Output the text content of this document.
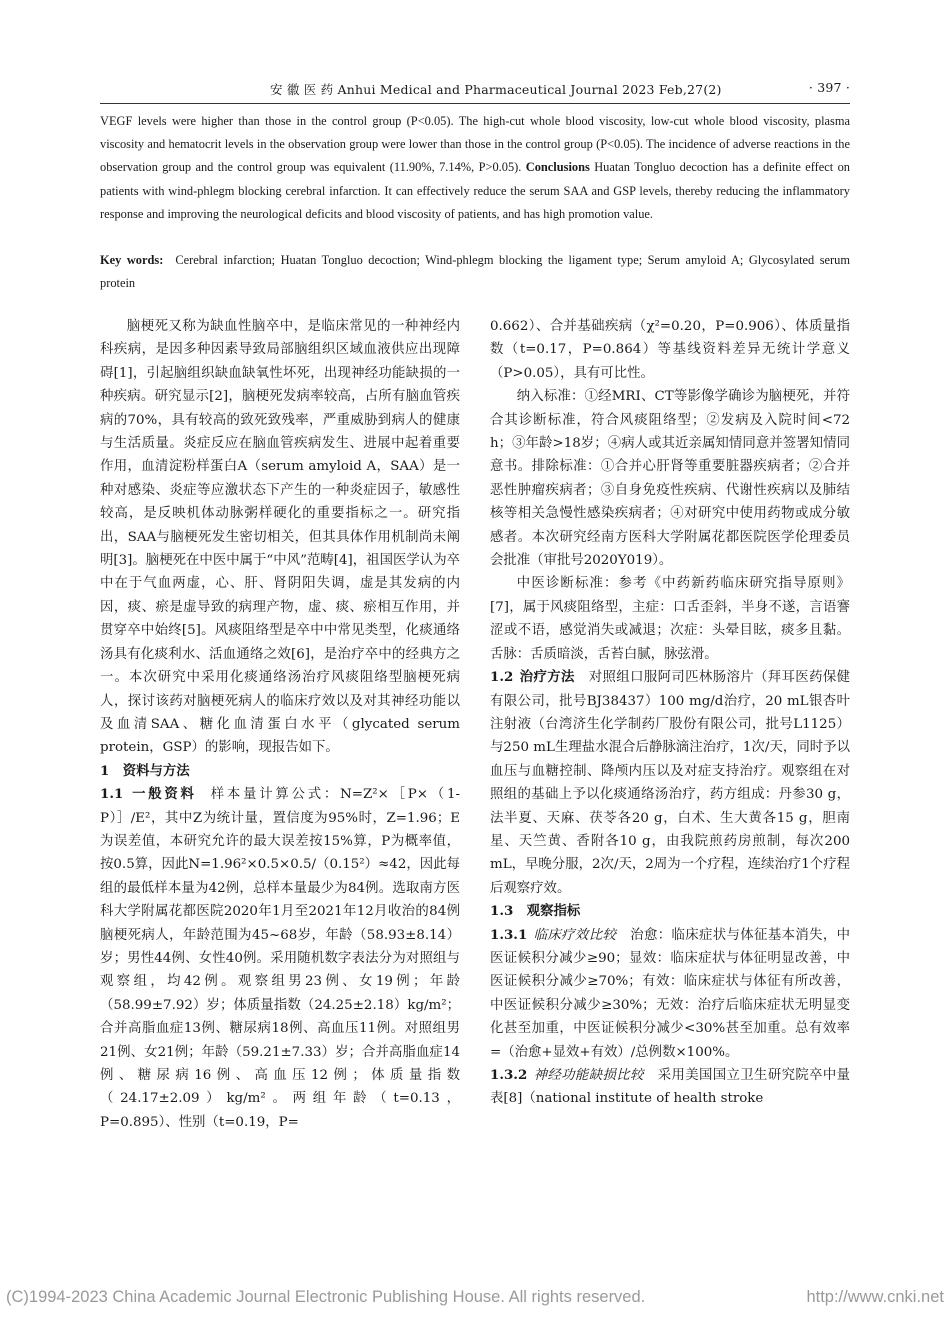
安 徽 医 药 Anhui Medical and Pharmaceutical Journal 2023 Feb,27(2)	· 397 ·

VEGF levels were higher than those in the control group (P<0.05). The high-cut whole blood viscosity, low-cut whole blood viscosity, plasma viscosity and hematocrit levels in the observation group were lower than those in the control group (P<0.05). The incidence of adverse reactions in the observation group and the control group was equivalent (11.90%, 7.14%, P>0.05). Conclusions Huatan Tongluo decoction has a definite effect on patients with wind-phlegm blocking cerebral infarction. It can effectively reduce the serum SAA and GSP levels, thereby reducing the inflammatory response and improving the neurological deficits and blood viscosity of patients, and has high promotion value.

Key words: Cerebral infarction; Huatan Tongluo decoction; Wind-phlegm blocking the ligament type; Serum amyloid A; Glycosylated serum protein

脑梗死又称为缺血性脑卒中，是临床常见的一种神经内科疾病，是因多种因素导致局部脑组织区域血液供应出现障碍[1]，引起脑组织缺血缺氧性坏死，出现神经功能缺损的一种疾病。研究显示[2]，脑梗死发病率较高，占所有脑血管疾病的70%，具有较高的致死致残率，严重威胁到病人的健康与生活质量。炎症反应在脑血管疾病发生、进展中起着重要作用，血清淀粉样蛋白A（serum amyloid A，SAA）是一种对感染、炎症等应激状态下产生的一种炎症因子，敏感性较高，是反映机体动脉粥样硬化的重要指标之一。研究指出，SAA与脑梗死发生密切相关，但其具体作用机制尚未阐明[3]。脑梗死在中医中属于“中风”范畴[4]，祖国医学认为卒中在于气血两虚，心、肝、肾阴阳失调，虚是其发病的内因，痰、瘀是虚导致的病理产物，虚、痰、瘀相互作用，并贯穿卒中始终[5]。风痰阻络型是卒中中常见类型，化痰通络汤具有化痰利水、活血通络之效[6]，是治疗卒中的经典方之一。本次研究中采用化痰通络汤治疗风痰阻络型脑梗死病人，探讨该药对脑梗死病人的临床疗效以及对其神经功能以及血清SAA、糖化血清蛋白水平（glycated serum protein，GSP）的影响，现报告如下。

1　资料与方法

1.1 一般资料 样本量计算公式：N=Z²×［P×（1-P）］/E²，其中Z为统计量，置信度为95%时，Z=1.96；E为误差值，本研究允许的最大误差按15%算，P为概率值，按0.5算，因此N=1.96²×0.5×0.5/（0.15²）≈42，因此每组的最低样本量为42例，总样本量最少为84例。选取南方医科大学附属花都医院2020年1月至2021年12月收治的84例脑梗死病人，年龄范围为45~68岁，年龄（58.93±8.14）岁；男性44例、女性40例。采用随机数字表法分为对照组与观察组，均42例。观察组男23例、女19例；年龄（58.99±7.92）岁；体质量指数（24.25±2.18）kg/m²；合并高脂血症13例、糖尿病18例、高血压11例。对照组男21例、女21例；年龄（59.21±7.33）岁；合并高脂血症14例、糖尿病16例、高血压12例；体质量指数（24.17±2.09）kg/m²。两组年龄（t=0.13，P=0.895）、性别（t=0.19，P=

0.662）、合并基础疾病（χ²=0.20，P=0.906）、体质量指数（t=0.17，P=0.864）等基线资料差异无统计学意义（P>0.05），具有可比性。

纳入标准：①经MRI、CT等影像学确诊为脑梗死，并符合其诊断标准，符合风痰阻络型；②发病及入院时间<72 h；③年龄>18岁；④病人或其近亲属知情同意并签署知情同意书。排除标准：①合并心肝肾等重要脏器疾病者；②合并恶性肿瘤疾病者；③自身免疫性疾病、代谢性疾病以及肺结核等相关急慢性感染疾病者；④对研究中使用药物或成分敏感者。本次研究经南方医科大学附属花都医院医学伦理委员会批准（审批号2020Y019）。

中医诊断标准：参考《中药新药临床研究指导原则》[7]，属于风痰阻络型，主症：口舌歪斜，半身不遂，言语謇涩或不语，感觉消失或减退；次症：头晕目眩，痰多且黏。舌脉：舌质暗淡，舌苔白腻，脉弦滑。

1.2 治疗方法 对照组口服阿司匹林肠溶片（拜耳医药保健有限公司，批号BJ38437）100 mg/d治疗，20 mL银杏叶注射液（台湾济生化学制药厂股份有限公司，批号L1125）与250 mL生理盐水混合后静脉滴注治疗，1次/天，同时予以血压与血糖控制、降颅内压以及对症支持治疗。观察组在对照组的基础上予以化痰通络汤治疗，药方组成：丹参30 g，法半夏、天麻、茯苓各20 g，白术、生大黄各15 g，胆南星、天竺黄、香附各10 g，由我院煎药房煎制，每次200 mL，早晚分服，2次/天，2周为一个疗程，连续治疗1个疗程后观察疗效。

1.3　观察指标

1.3.1 临床疗效比较 治愈：临床症状与体征基本消失，中医证候积分减少≥90；显效：临床症状与体征明显改善，中医证候积分减少≥70%；有效：临床症状与体征有所改善，中医证候积分减少≥30%；无效：治疗后临床症状无明显变化甚至加重，中医证候积分减少<30%甚至加重。总有效率=（治愈+显效+有效）/总例数×100%。

1.3.2 神经功能缺损比较 采用美国国立卫生研究院卒中量表[8]（national institute of health stroke

(C)1994-2023 China Academic Journal Electronic Publishing House. All rights reserved.	http://www.cnki.net
